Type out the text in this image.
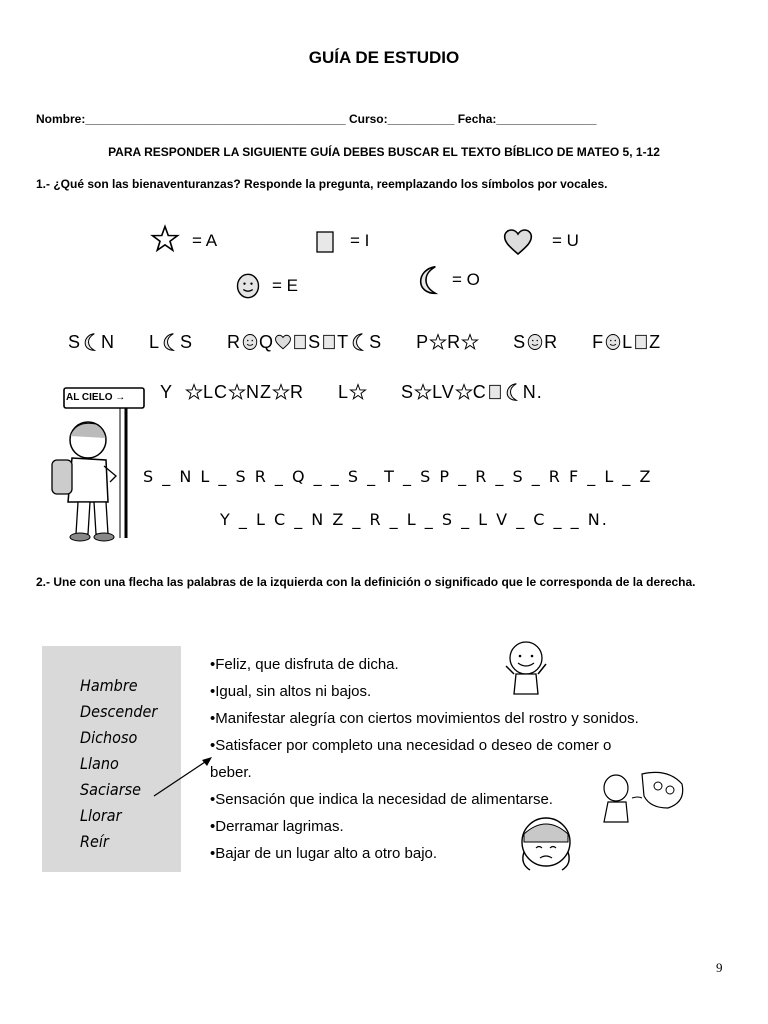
GUÍA DE ESTUDIO
Nombre:_______________________________________ Curso:__________ Fecha:_______________
PARA RESPONDER LA SIGUIENTE GUÍA DEBES BUSCAR EL TEXTO BÍBLICO DE MATEO 5, 1-12
1.- ¿Qué son las bienaventuranzas? Responde la pregunta, reemplazando los símbolos por vocales.
= A	= I	= U
= E	= O
S N L S R Q S T S P R	S R F L Z
Y LC NZ R L	S LV C N.
AL CIELO →
S _ N L _ S R _ Q _ _ S _ T _ S P _ R _ S _ R F _ L _ Z
Y _ L C _ N Z _ R _ L _ S _ L V _ C _ _ N.
2.- Une con una flecha las palabras de la izquierda con la definición o significado que le corresponda de la derecha.
Hambre
Descender
Dichoso
Llano
Saciarse
Llorar
Reír
•Feliz, que disfruta de dicha.
•Igual, sin altos ni bajos.
•Manifestar alegría con ciertos movimientos del rostro y sonidos.
•Satisfacer por completo una necesidad o deseo de comer o
beber.
•Sensación que indica la necesidad de alimentarse.
•Derramar lagrimas.
•Bajar de un lugar alto a otro bajo.
9
